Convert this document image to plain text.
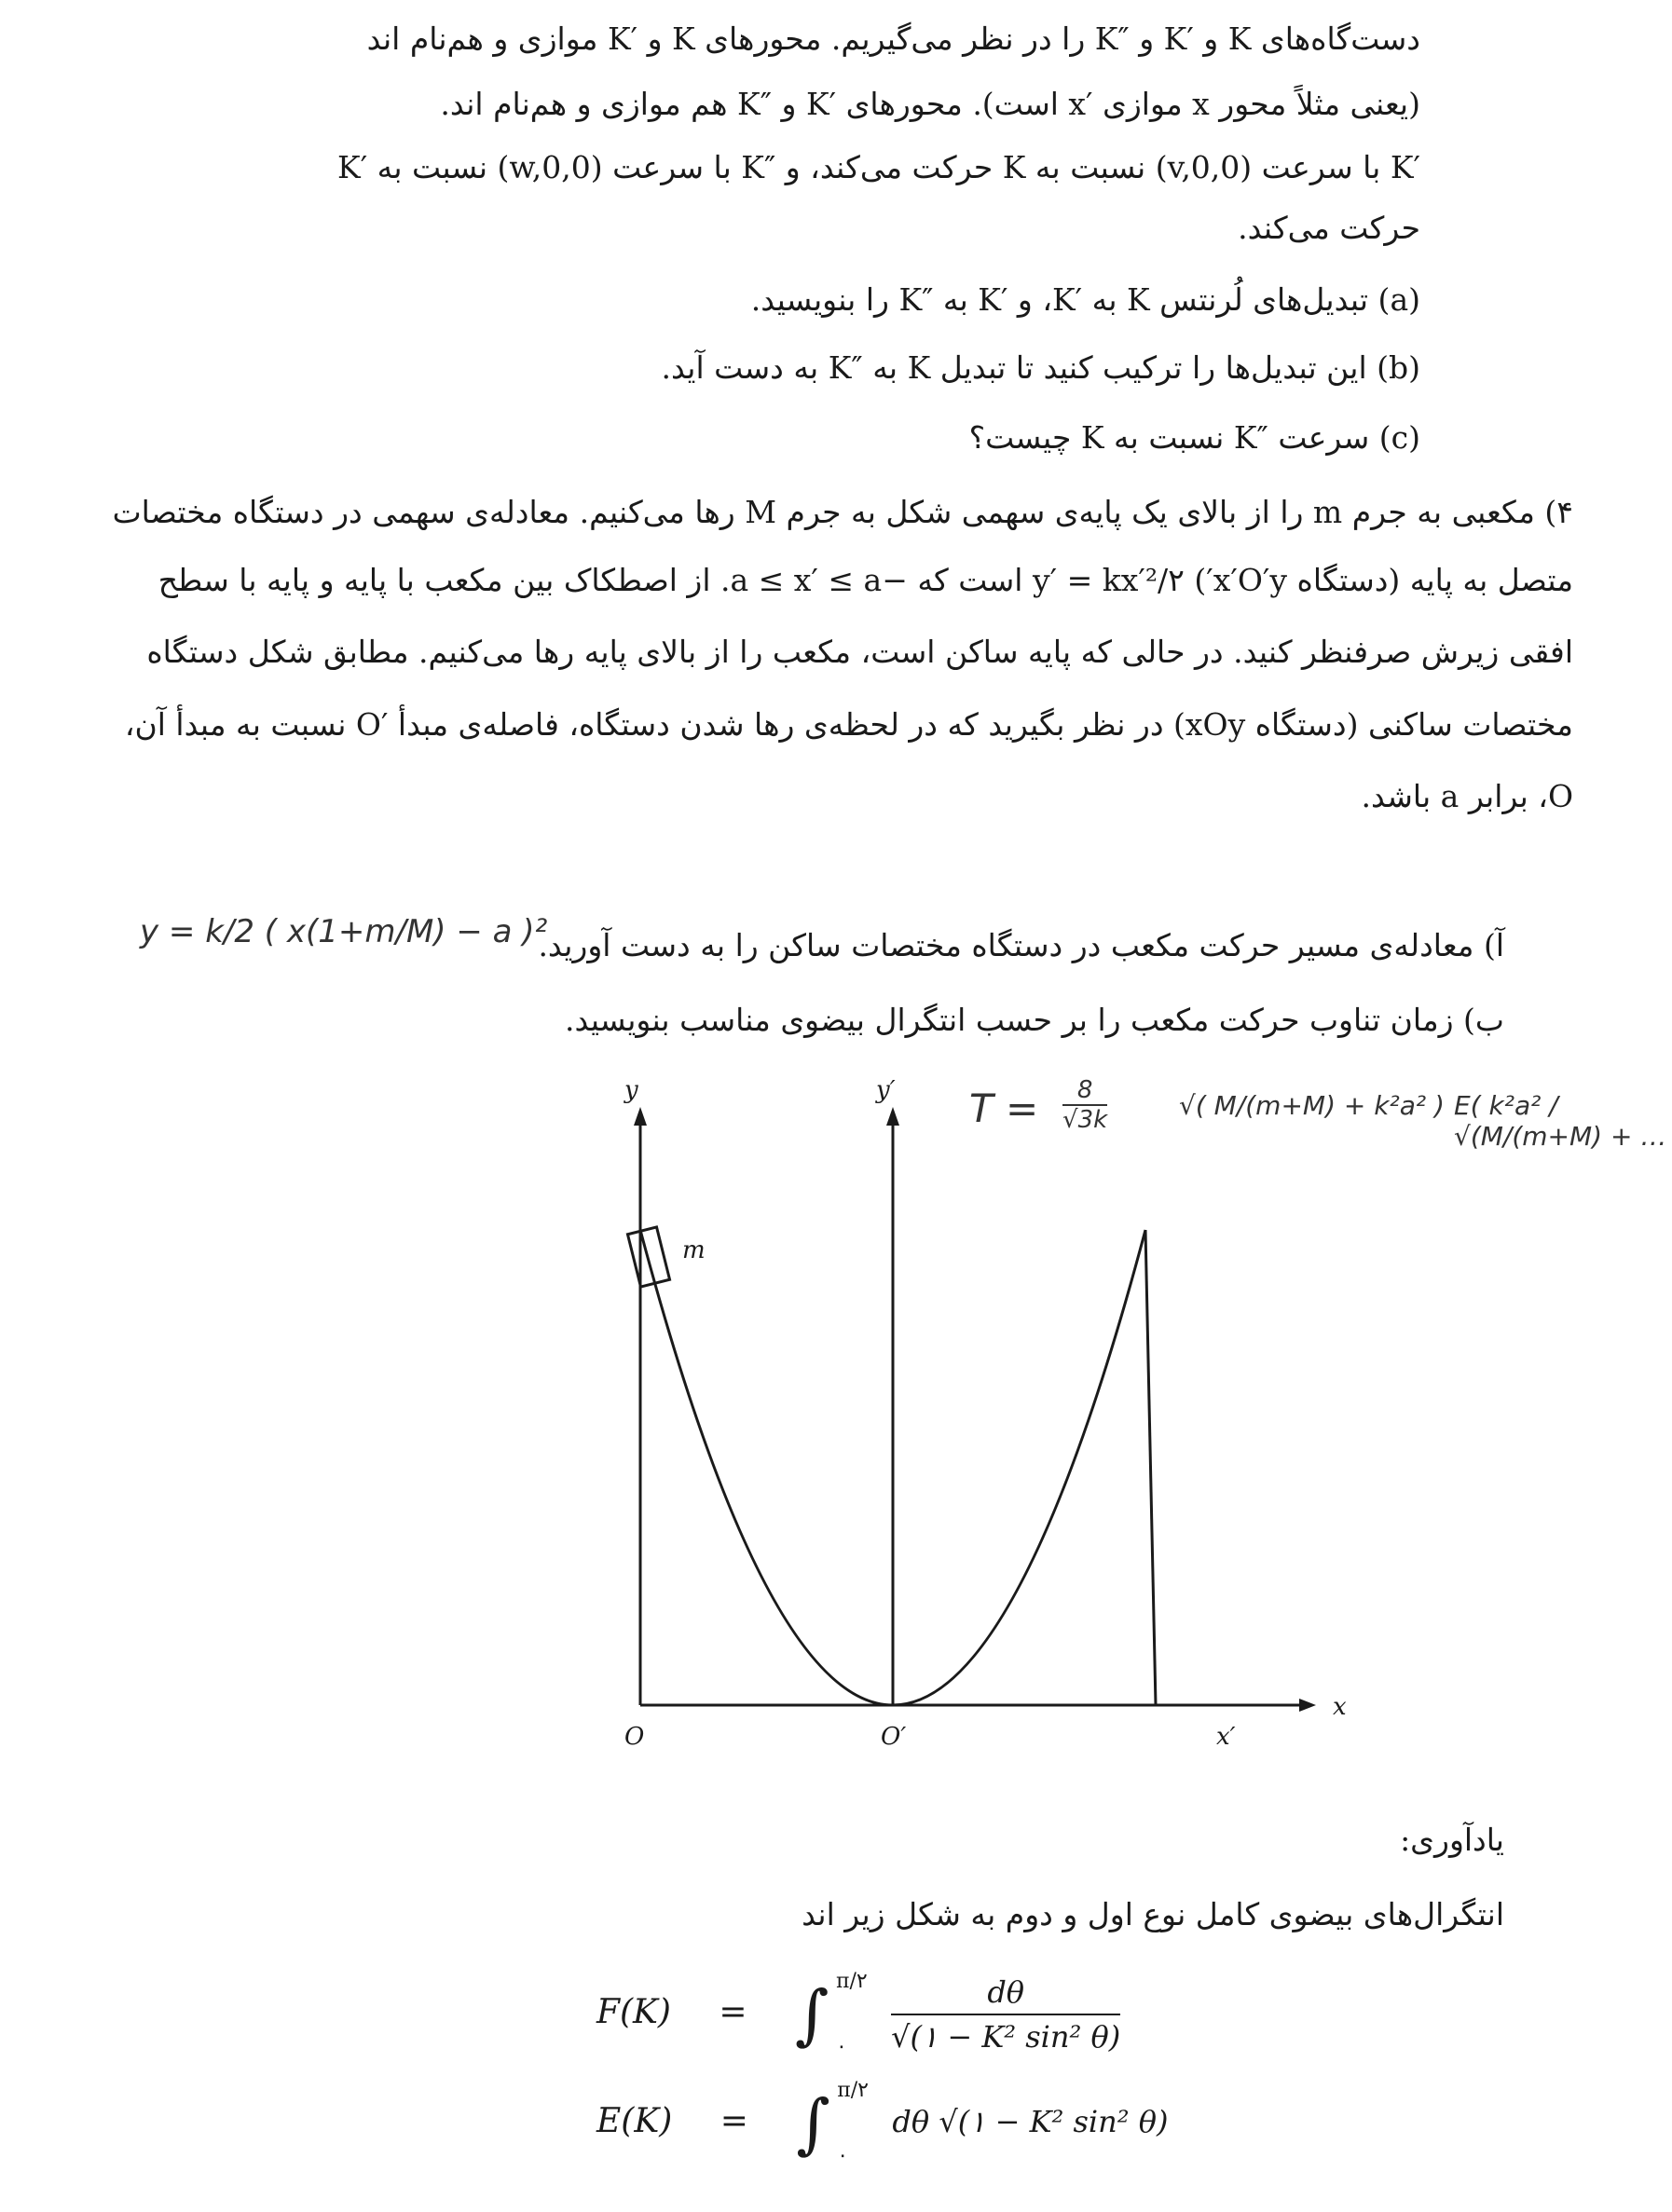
دست‌گاه‌های K و ′K و ″K را در نظر می‌گیریم. محورهای K و ′K موازی و هم‌نام اند
(یعنی مثلاً محور x موازی ′x است). محورهای ′K و ″K هم موازی و هم‌نام اند.
′K با سرعت (v,0,0) نسبت به K حرکت می‌کند، و ″K با سرعت (0,w,0) نسبت به ′K
حرکت می‌کند.
(a) تبدیل‌های لُرنتس K به ′K، و ′K به ″K را بنویسید.
(b) این تبدیل‌ها را ترکیب کنید تا تبدیل K به ″K به دست آید.
(c) سرعت ″K نسبت به K چیست؟
۴) مکعبی به جرم m را از بالای یک پایه‌ی سهمی شکل به جرم M رها می‌کنیم. معادله‌ی سهمی در دستگاه مختصات
متصل به پایه (دستگاه x′O′y′) y′ = kx′²/۲ است که −a ≤ x′ ≤ a. از اصطکاک بین مکعب با پایه و پایه با سطح
افقی زیرش صرفنظر کنید. در حالی که پایه ساکن است، مکعب را از بالای پایه رها می‌کنیم. مطابق شکل دستگاه
مختصات ساکنی (دستگاه xOy) در نظر بگیرید که در لحظه‌ی رها شدن دستگاه، فاصله‌ی مبدأ ′O نسبت به مبدأ آن،
O، برابر a باشد.
آ) معادله‌ی مسیر حرکت مکعب در دستگاه مختصات ساکن را به دست آورید.
ب) زمان تناوب حرکت مکعب را بر حسب انتگرال بیضوی مناسب بنویسید.
y = k/2 ( x(1+m/M) − a )²
$T = \frac{8}{√3k}$	√( M/(m+M) + k²a² ) E( k²a² / √(M/(m+M) + …
y	y′
x
x′
O	O′
m
یادآوری:
انتگرال‌های بیضوی کامل نوع اول و دوم به شکل زیر اند
F(K) = ∫ π/۲
۰
	$\frac{d\theta}{\text{√(۱ − K² sin² θ)}}$
E(K) = ∫ π/۲
۰
dθ √(۱ − K² sin² θ)
